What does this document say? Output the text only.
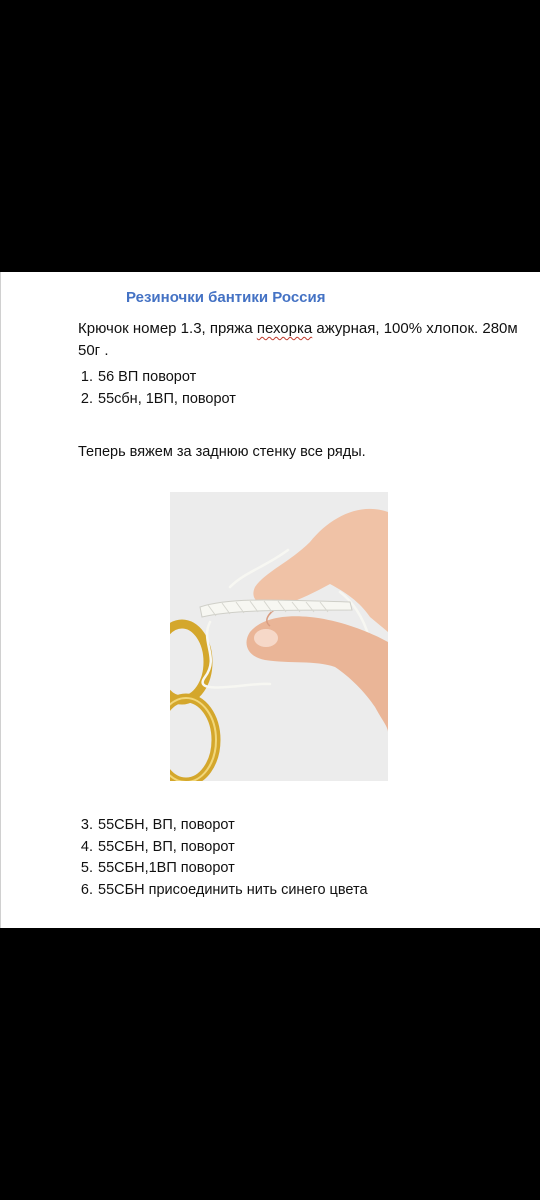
Резиночки бантики Россия

Крючок номер 1.3, пряжа пехорка ажурная, 100% хлопок. 280м 50г .

1. 56 ВП поворот
2. 55сбн, 1ВП, поворот

Теперь вяжем за заднюю стенку все ряды.

3. 55СБН, ВП, поворот
4. 55СБН, ВП, поворот
5. 55СБН,1ВП поворот
6. 55СБН присоединить нить синего цвета
